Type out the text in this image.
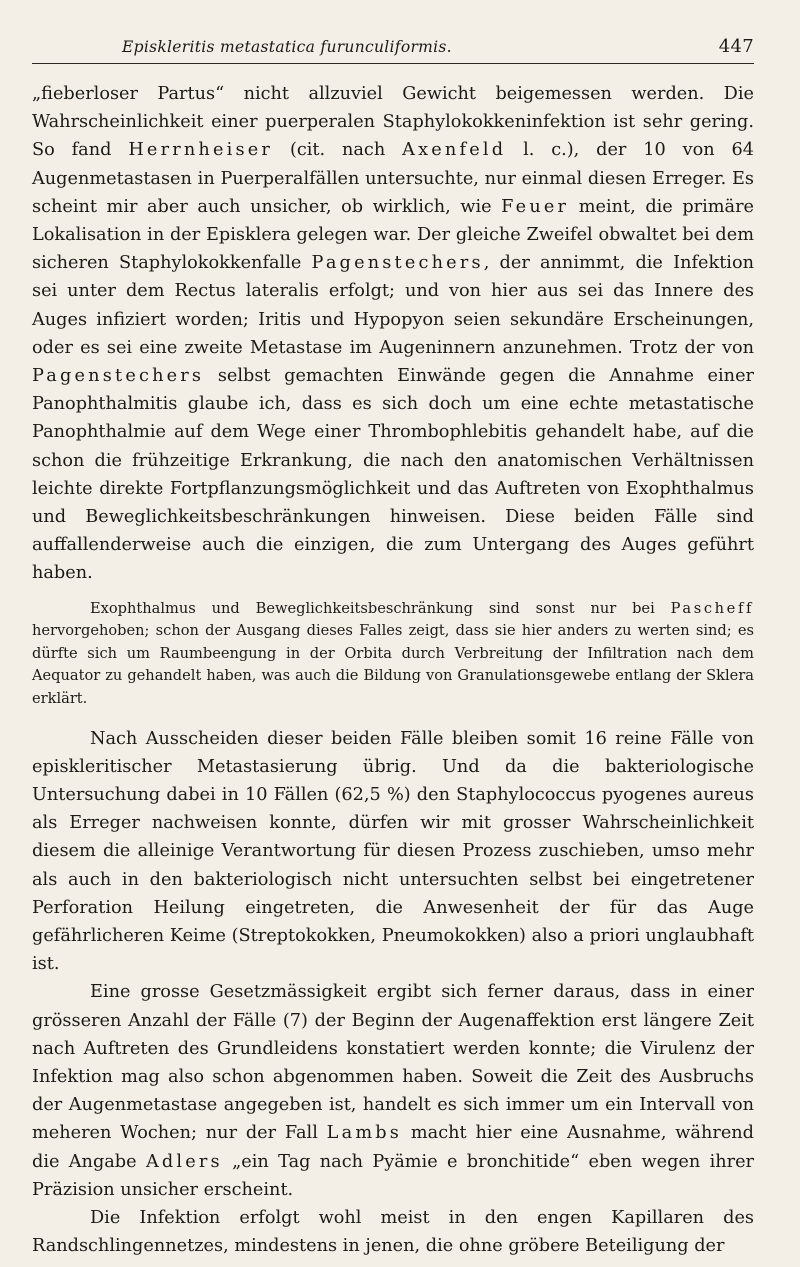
Episkleritis metastatica furunculiformis.	447

„fieberloser Partus“ nicht allzuviel Gewicht beigemessen werden. Die Wahrscheinlichkeit einer puerperalen Staphylokokkeninfektion ist sehr gering. So fand Herrnheiser (cit. nach Axenfeld l. c.), der 10 von 64 Augenmetastasen in Puerperalfällen untersuchte, nur einmal diesen Erreger. Es scheint mir aber auch unsicher, ob wirklich, wie Feuer meint, die primäre Lokalisation in der Episklera gelegen war. Der gleiche Zweifel obwaltet bei dem sicheren Staphylokokkenfalle Pagenstechers, der annimmt, die Infektion sei unter dem Rectus lateralis erfolgt; und von hier aus sei das Innere des Auges infiziert worden; Iritis und Hypopyon seien sekundäre Erscheinungen, oder es sei eine zweite Metastase im Augeninnern anzunehmen. Trotz der von Pagenstechers selbst gemachten Einwände gegen die Annahme einer Panophthalmitis glaube ich, dass es sich doch um eine echte metastatische Panophthalmie auf dem Wege einer Thrombophlebitis gehandelt habe, auf die schon die frühzeitige Erkrankung, die nach den anatomischen Verhältnissen leichte direkte Fortpflanzungsmöglichkeit und das Auftreten von Exophthalmus und Beweglichkeitsbeschränkungen hinweisen. Diese beiden Fälle sind auffallenderweise auch die einzigen, die zum Untergang des Auges geführt haben.

Exophthalmus und Beweglichkeitsbeschränkung sind sonst nur bei Pascheff hervorgehoben; schon der Ausgang dieses Falles zeigt, dass sie hier anders zu werten sind; es dürfte sich um Raumbeengung in der Orbita durch Verbreitung der Infiltration nach dem Aequator zu gehandelt haben, was auch die Bildung von Granulationsgewebe entlang der Sklera erklärt.

Nach Ausscheiden dieser beiden Fälle bleiben somit 16 reine Fälle von episkleritischer Metastasierung übrig. Und da die bakteriologische Untersuchung dabei in 10 Fällen (62,5 %) den Staphylococcus pyogenes aureus als Erreger nachweisen konnte, dürfen wir mit grosser Wahrscheinlichkeit diesem die alleinige Verantwortung für diesen Prozess zuschieben, umso mehr als auch in den bakteriologisch nicht untersuchten selbst bei eingetretener Perforation Heilung eingetreten, die Anwesenheit der für das Auge gefährlicheren Keime (Streptokokken, Pneumokokken) also a priori unglaubhaft ist.

Eine grosse Gesetzmässigkeit ergibt sich ferner daraus, dass in einer grösseren Anzahl der Fälle (7) der Beginn der Augenaffektion erst längere Zeit nach Auftreten des Grundleidens konstatiert werden konnte; die Virulenz der Infektion mag also schon abgenommen haben. Soweit die Zeit des Ausbruchs der Augenmetastase angegeben ist, handelt es sich immer um ein Intervall von meheren Wochen; nur der Fall Lambs macht hier eine Ausnahme, während die Angabe Adlers „ein Tag nach Pyämie e bronchitide“ eben wegen ihrer Präzision unsicher erscheint.

Die Infektion erfolgt wohl meist in den engen Kapillaren des Randschlingennetzes, mindestens in jenen, die ohne gröbere Beteiligung der
